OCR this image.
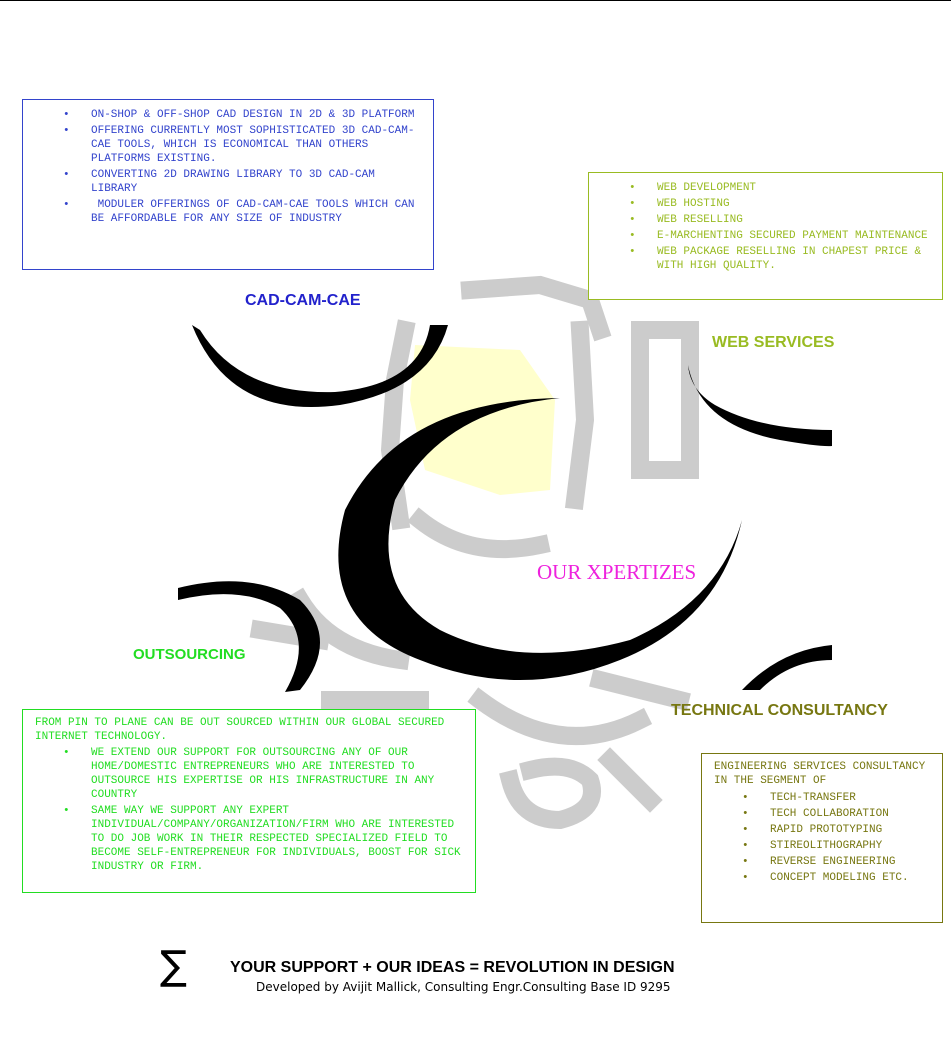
• ON-SHOP & OFF-SHOP CAD DESIGN IN 2D & 3D PLATFORM
• OFFERING CURRENTLY MOST SOPHISTICATED 3D CAD-CAM-CAE TOOLS, WHICH IS ECONOMICAL THAN OTHERS PLATFORMS EXISTING.
• CONVERTING 2D DRAWING LIBRARY TO 3D CAD-CAM LIBRARY
• MODULER OFFERINGS OF CAD-CAM-CAE TOOLS WHICH CAN BE AFFORDABLE FOR ANY SIZE OF INDUSTRY
CAD-CAM-CAE
• WEB DEVELOPMENT
• WEB HOSTING
• WEB RESELLING
• E-MARCHENTING SECURED PAYMENT MAINTENANCE
• WEB PACKAGE RESELLING IN CHAPEST PRICE & WITH HIGH QUALITY.
WEB SERVICES
OUR XPERTIZES
OUTSOURCING
FROM PIN TO PLANE CAN BE OUT SOURCED WITHIN OUR GLOBAL SECURED INTERNET TECHNOLOGY.
• WE EXTEND OUR SUPPORT FOR OUTSOURCING ANY OF OUR HOME/DOMESTIC ENTREPRENEURS WHO ARE INTERESTED TO OUTSOURCE HIS EXPERTISE OR HIS INFRASTRUCTURE IN ANY COUNTRY
• SAME WAY WE SUPPORT ANY EXPERT INDIVIDUAL/COMPANY/ORGANIZATION/FIRM WHO ARE INTERESTED TO DO JOB WORK IN THEIR RESPECTED SPECIALIZED FIELD TO BECOME SELF-ENTREPRENEUR FOR INDIVIDUALS, BOOST FOR SICK INDUSTRY OR FIRM.
TECHNICAL CONSULTANCY
ENGINEERING SERVICES CONSULTANCY IN THE SEGMENT OF
• TECH-TRANSFER
• TECH COLLABORATION
• RAPID PROTOTYPING
• STIREOLITHOGRAPHY
• REVERSE ENGINEERING
• CONCEPT MODELING ETC.
∑	YOUR SUPPORT + OUR IDEAS = REVOLUTION IN DESIGN
Developed by Avijit Mallick, Consulting Engr.Consulting Base ID 9295
